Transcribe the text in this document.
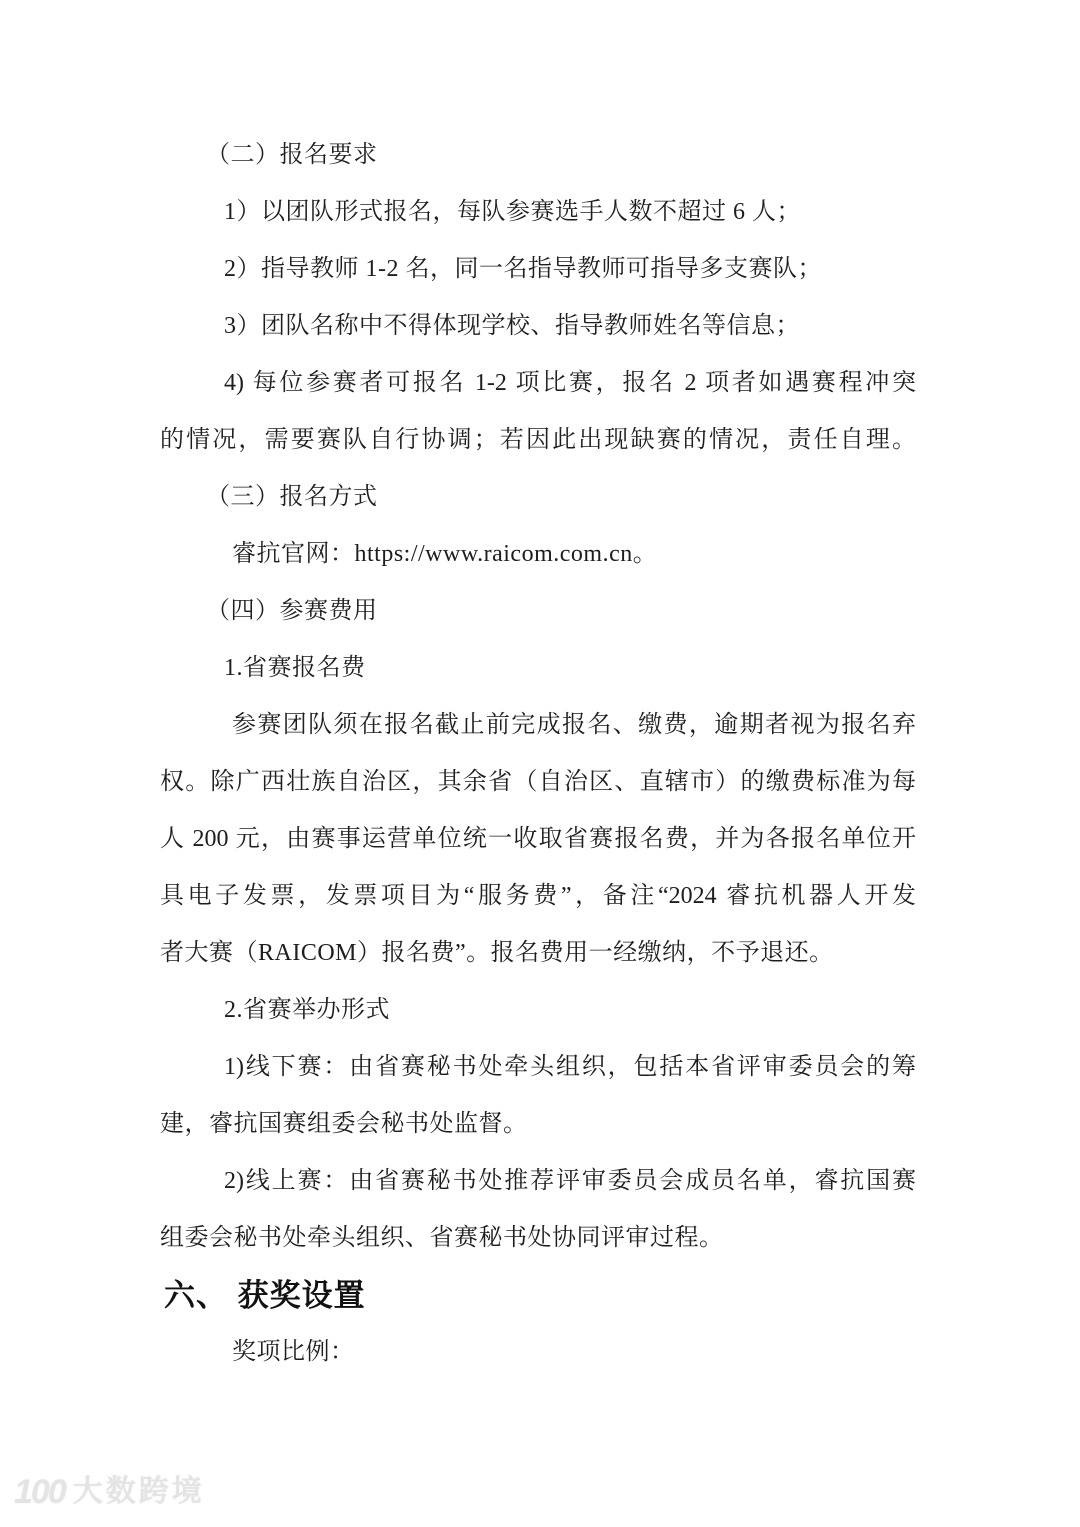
（二）报名要求
1）以团队形式报名，每队参赛选手人数不超过 6 人；
2）指导教师 1-2 名，同一名指导教师可指导多支赛队；
3）团队名称中不得体现学校、指导教师姓名等信息；
4) 每位参赛者可报名 1-2 项比赛，报名 2 项者如遇赛程冲突
的情况，需要赛队自行协调；若因此出现缺赛的情况，责任自理。
（三）报名方式
睿抗官网：https://www.raicom.com.cn。
（四）参赛费用
1.省赛报名费
参赛团队须在报名截止前完成报名、缴费，逾期者视为报名弃
权。除广西壮族自治区，其余省（自治区、直辖市）的缴费标准为每
人 200 元，由赛事运营单位统一收取省赛报名费，并为各报名单位开
具电子发票，发票项目为“服务费”，备注“2024 睿抗机器人开发
者大赛（RAICOM）报名费”。报名费用一经缴纳，不予退还。
2.省赛举办形式
1)线下赛：由省赛秘书处牵头组织，包括本省评审委员会的筹
建，睿抗国赛组委会秘书处监督。
2)线上赛：由省赛秘书处推荐评审委员会成员名单，睿抗国赛
组委会秘书处牵头组织、省赛秘书处协同评审过程。
六、 获奖设置
奖项比例：
100 大数跨境
